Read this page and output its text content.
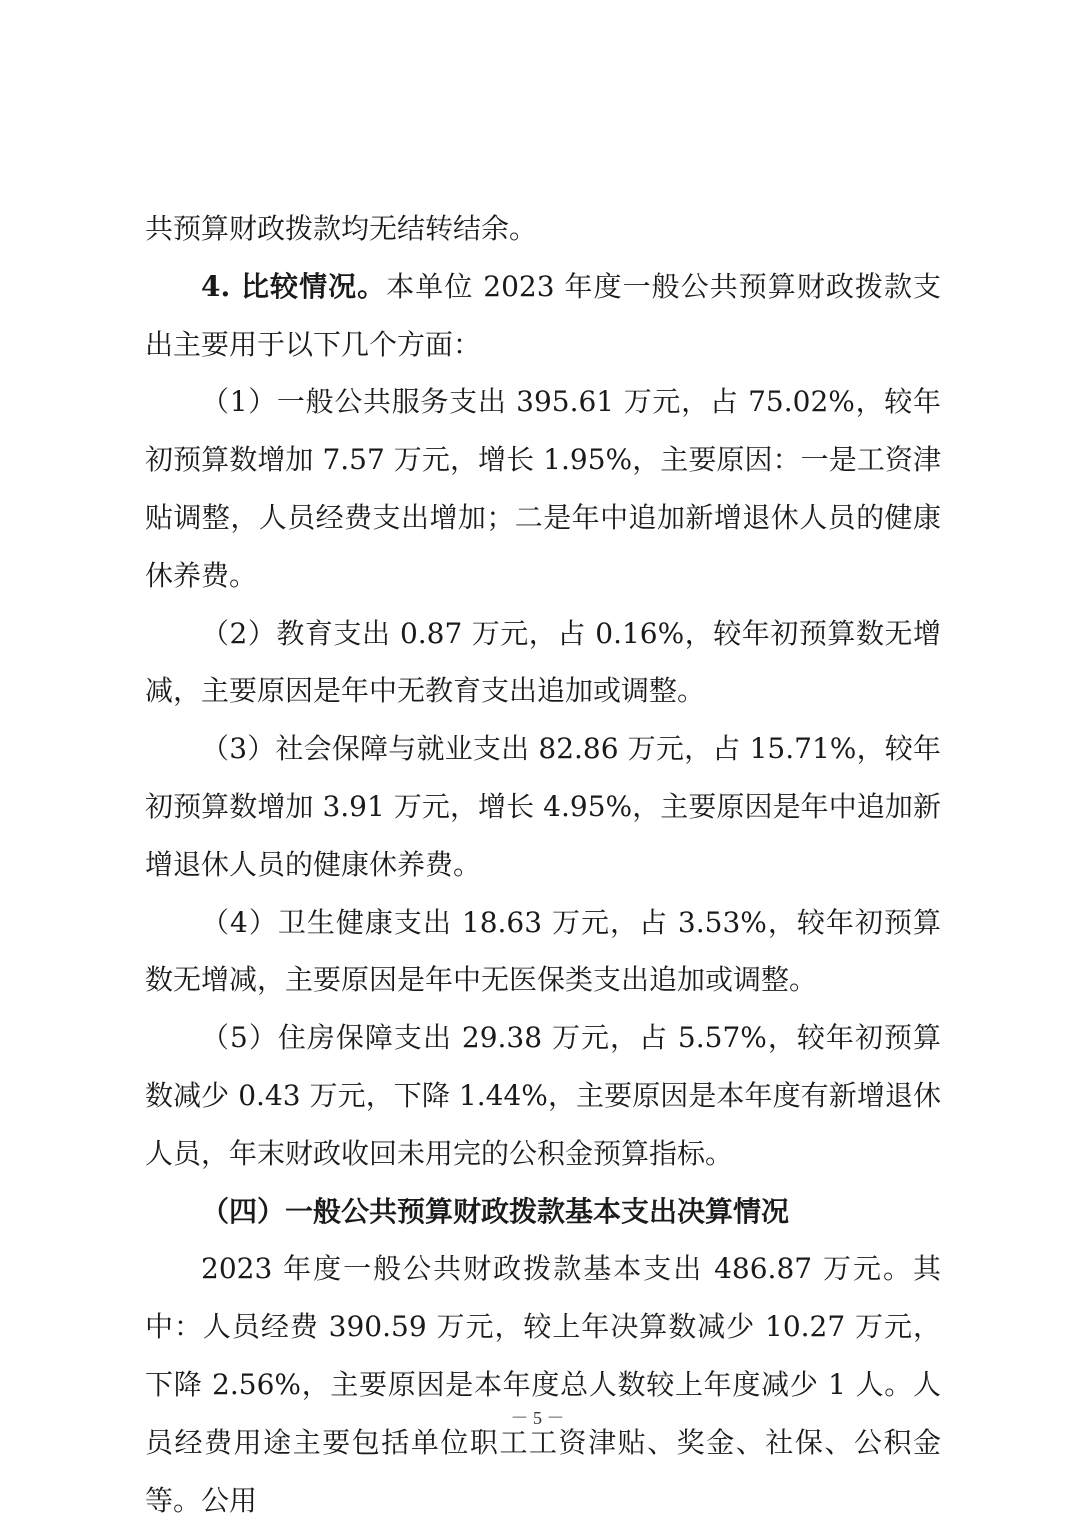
共预算财政拨款均无结转结余。

4. 比较情况。本单位 2023 年度一般公共预算财政拨款支出主要用于以下几个方面：

（1）一般公共服务支出 395.61 万元，占 75.02%，较年初预算数增加 7.57 万元，增长 1.95%，主要原因：一是工资津贴调整，人员经费支出增加；二是年中追加新增退休人员的健康休养费。

（2）教育支出 0.87 万元，占 0.16%，较年初预算数无增减，主要原因是年中无教育支出追加或调整。

（3）社会保障与就业支出 82.86 万元，占 15.71%，较年初预算数增加 3.91 万元，增长 4.95%，主要原因是年中追加新增退休人员的健康休养费。

（4）卫生健康支出 18.63 万元，占 3.53%，较年初预算数无增减，主要原因是年中无医保类支出追加或调整。

（5）住房保障支出 29.38 万元，占 5.57%，较年初预算数减少 0.43 万元，下降 1.44%，主要原因是本年度有新增退休人员，年末财政收回未用完的公积金预算指标。

（四）一般公共预算财政拨款基本支出决算情况

2023 年度一般公共财政拨款基本支出 486.87 万元。其中：人员经费 390.59 万元，较上年决算数减少 10.27 万元，下降 2.56%，主要原因是本年度总人数较上年度减少 1 人。人员经费用途主要包括单位职工工资津贴、奖金、社保、公积金等。公用

－ 5 －
